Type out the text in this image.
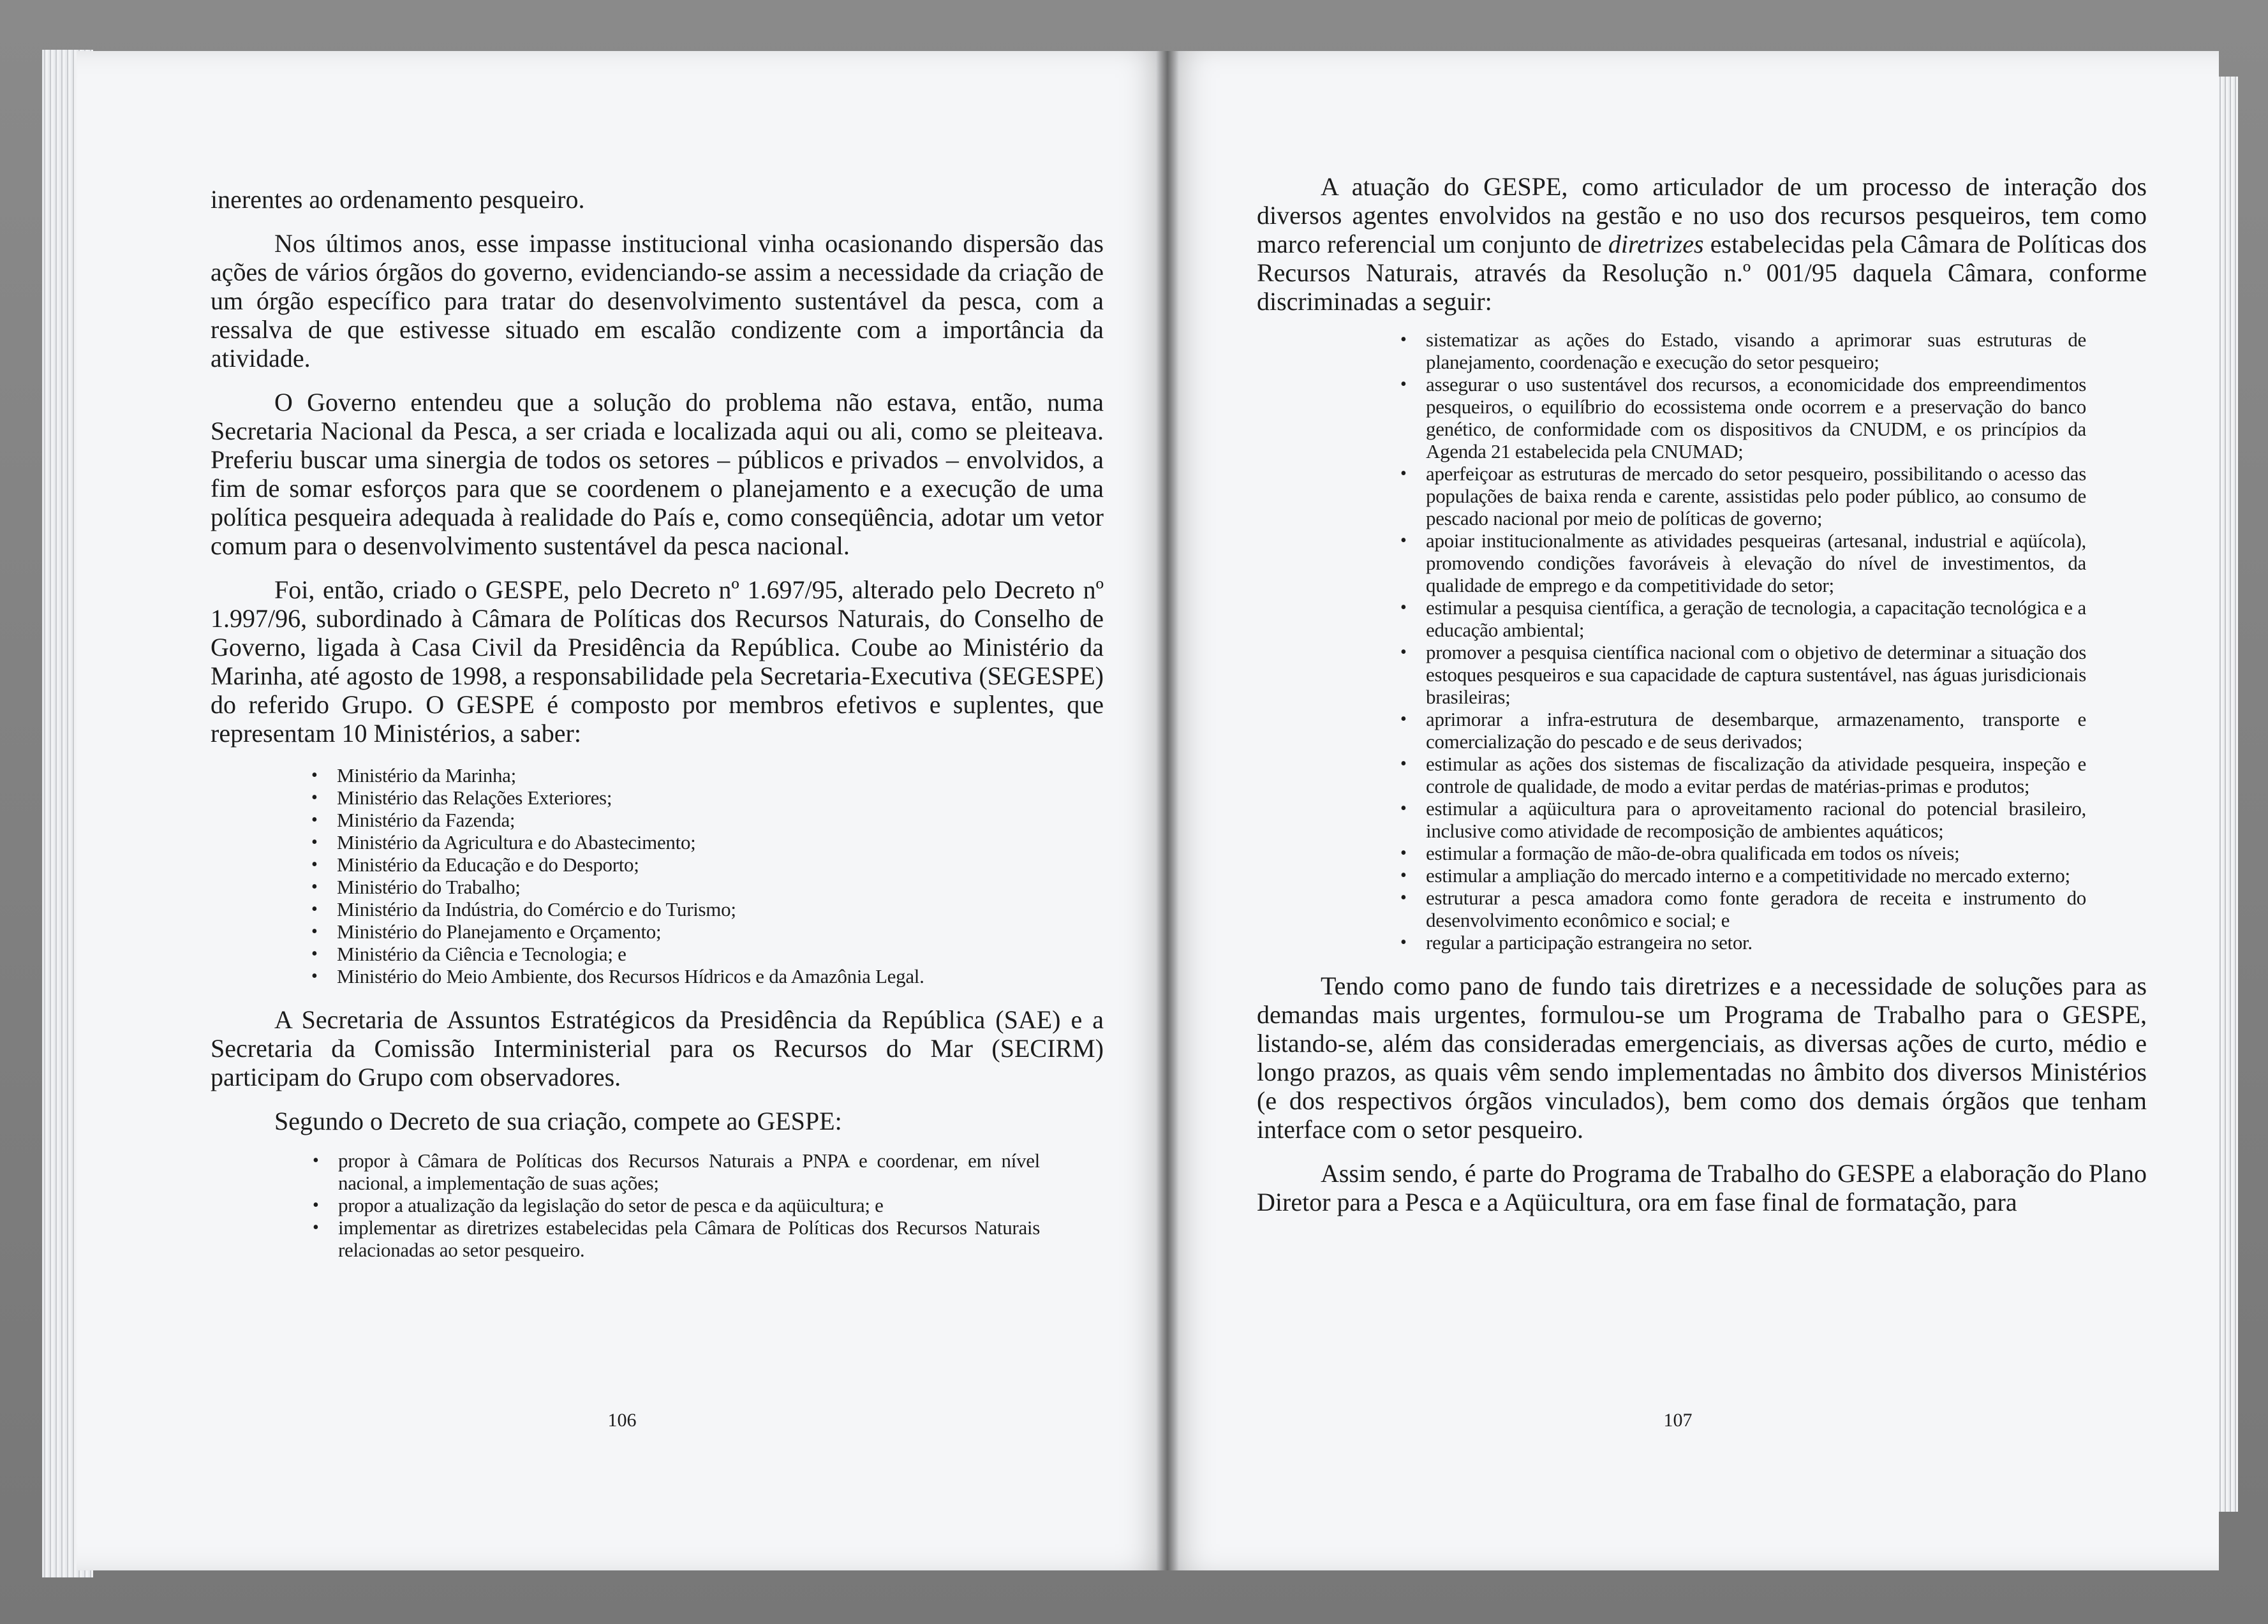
inerentes ao ordenamento pesqueiro.

Nos últimos anos, esse impasse institucional vinha ocasionando dispersão das ações de vários órgãos do governo, evidenciando-se assim a necessidade da criação de um órgão específico para tratar do desenvolvimento sustentável da pesca, com a ressalva de que estivesse situado em escalão condizente com a importância da atividade.

O Governo entendeu que a solução do problema não estava, então, numa Secretaria Nacional da Pesca, a ser criada e localizada aqui ou ali, como se pleiteava. Preferiu buscar uma sinergia de todos os setores – públicos e privados – envolvidos, a fim de somar esforços para que se coordenem o planejamento e a execução de uma política pesqueira adequada à realidade do País e, como conseqüência, adotar um vetor comum para o desenvolvimento sustentável da pesca nacional.

Foi, então, criado o GESPE, pelo Decreto nº 1.697/95, alterado pelo Decreto nº 1.997/96, subordinado à Câmara de Políticas dos Recursos Naturais, do Conselho de Governo, ligada à Casa Civil da Presidência da República. Coube ao Ministério da Marinha, até agosto de 1998, a responsabilidade pela Secretaria-Executiva (SEGESPE) do referido Grupo. O GESPE é composto por membros efetivos e suplentes, que representam 10 Ministérios, a saber:

• Ministério da Marinha;
• Ministério das Relações Exteriores;
• Ministério da Fazenda;
• Ministério da Agricultura e do Abastecimento;
• Ministério da Educação e do Desporto;
• Ministério do Trabalho;
• Ministério da Indústria, do Comércio e do Turismo;
• Ministério do Planejamento e Orçamento;
• Ministério da Ciência e Tecnologia; e
• Ministério do Meio Ambiente, dos Recursos Hídricos e da Amazônia Legal.

A Secretaria de Assuntos Estratégicos da Presidência da República (SAE) e a Secretaria da Comissão Interministerial para os Recursos do Mar (SECIRM) participam do Grupo com observadores.

Segundo o Decreto de sua criação, compete ao GESPE:

• propor à Câmara de Políticas dos Recursos Naturais a PNPA e coordenar, em nível nacional, a implementação de suas ações;
• propor a atualização da legislação do setor de pesca e da aqüicultura; e
• implementar as diretrizes estabelecidas pela Câmara de Políticas dos Recursos Naturais relacionadas ao setor pesqueiro.
106

A atuação do GESPE, como articulador de um processo de interação dos diversos agentes envolvidos na gestão e no uso dos recursos pesqueiros, tem como marco referencial um conjunto de diretrizes estabelecidas pela Câmara de Políticas dos Recursos Naturais, através da Resolução n.º 001/95 daquela Câmara, conforme discriminadas a seguir:

• sistematizar as ações do Estado, visando a aprimorar suas estruturas de planejamento, coordenação e execução do setor pesqueiro;
• assegurar o uso sustentável dos recursos, a economicidade dos empreendimentos pesqueiros, o equilíbrio do ecossistema onde ocorrem e a preservação do banco genético, de conformidade com os dispositivos da CNUDM, e os princípios da Agenda 21 estabelecida pela CNUMAD;
• aperfeiçoar as estruturas de mercado do setor pesqueiro, possibilitando o acesso das populações de baixa renda e carente, assistidas pelo poder público, ao consumo de pescado nacional por meio de políticas de governo;
• apoiar institucionalmente as atividades pesqueiras (artesanal, industrial e aqüícola), promovendo condições favoráveis à elevação do nível de investimentos, da qualidade de emprego e da competitividade do setor;
• estimular a pesquisa científica, a geração de tecnologia, a capacitação tecnológica e a educação ambiental;
• promover a pesquisa científica nacional com o objetivo de determinar a situação dos estoques pesqueiros e sua capacidade de captura sustentável, nas águas jurisdicionais brasileiras;
• aprimorar a infra-estrutura de desembarque, armazenamento, transporte e comercialização do pescado e de seus derivados;
• estimular as ações dos sistemas de fiscalização da atividade pesqueira, inspeção e controle de qualidade, de modo a evitar perdas de matérias-primas e produtos;
• estimular a aqüicultura para o aproveitamento racional do potencial brasileiro, inclusive como atividade de recomposição de ambientes aquáticos;
• estimular a formação de mão-de-obra qualificada em todos os níveis;
• estimular a ampliação do mercado interno e a competitividade no mercado externo;
• estruturar a pesca amadora como fonte geradora de receita e instrumento do desenvolvimento econômico e social; e
• regular a participação estrangeira no setor.

Tendo como pano de fundo tais diretrizes e a necessidade de soluções para as demandas mais urgentes, formulou-se um Programa de Trabalho para o GESPE, listando-se, além das consideradas emergenciais, as diversas ações de curto, médio e longo prazos, as quais vêm sendo implementadas no âmbito dos diversos Ministérios (e dos respectivos órgãos vinculados), bem como dos demais órgãos que tenham interface com o setor pesqueiro.

Assim sendo, é parte do Programa de Trabalho do GESPE a elaboração do Plano Diretor para a Pesca e a Aqüicultura, ora em fase final de formatação, para

107
